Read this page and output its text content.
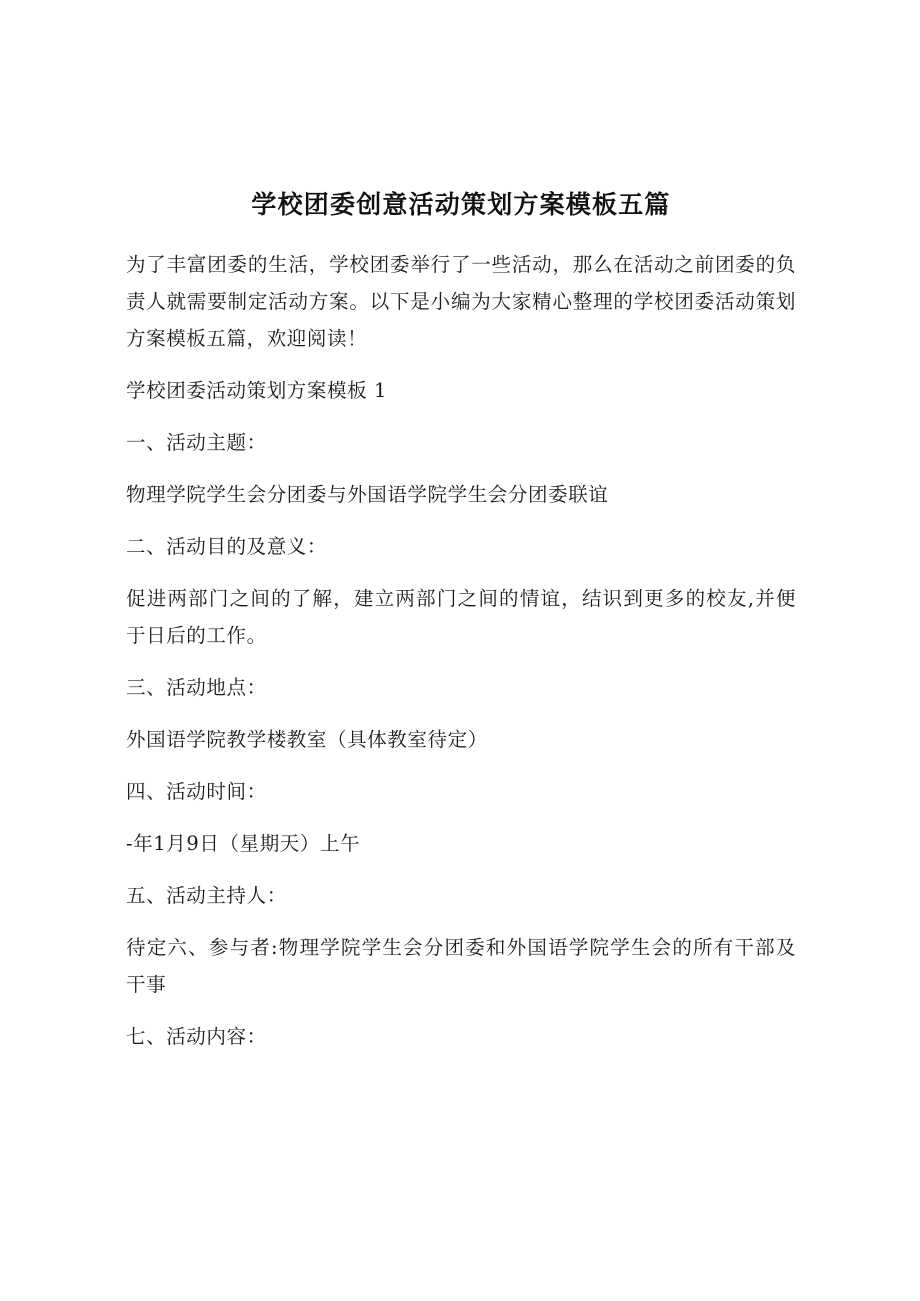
学校团委创意活动策划方案模板五篇

为了丰富团委的生活，学校团委举行了一些活动，那么在活动之前团委的负责人就需要制定活动方案。以下是小编为大家精心整理的学校团委活动策划方案模板五篇，欢迎阅读！

学校团委活动策划方案模板 1

一、活动主题：

物理学院学生会分团委与外国语学院学生会分团委联谊

二、活动目的及意义：

促进两部门之间的了解，建立两部门之间的情谊，结识到更多的校友,并便于日后的工作。

三、活动地点：

外国语学院教学楼教室（具体教室待定）

四、活动时间：

-年1月9日（星期天）上午

五、活动主持人：

待定六、参与者:物理学院学生会分团委和外国语学院学生会的所有干部及干事

七、活动内容：
